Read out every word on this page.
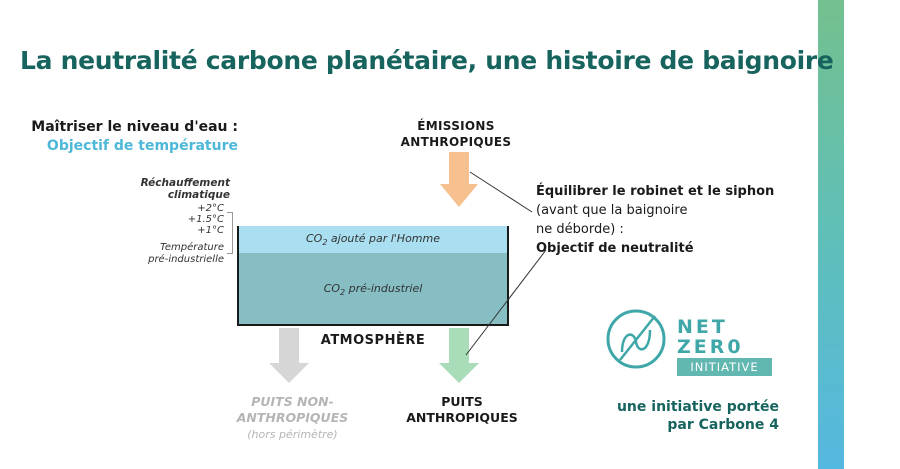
La neutralité carbone planétaire, une histoire de baignoire
Maîtriser le niveau d'eau :
Objectif de température
Réchauffement
climatique
+2°C
+1.5°C
+1°C
Température
pré-industrielle
$CO_2$ ajouté par l'Homme
$CO_2$ pré-industriel
ATMOSPHÈRE
ÉMISSIONS
ANTHROPIQUES
Équilibrer le robinet et le siphon
(avant que la baignoire
ne déborde) :
Objectif de neutralité
PUITS NON-
ANTHROPIQUES
(hors périmètre)
PUITS
ANTHROPIQUES
NET
ZER0
INITIATIVE
une initiative portée
par Carbone 4
